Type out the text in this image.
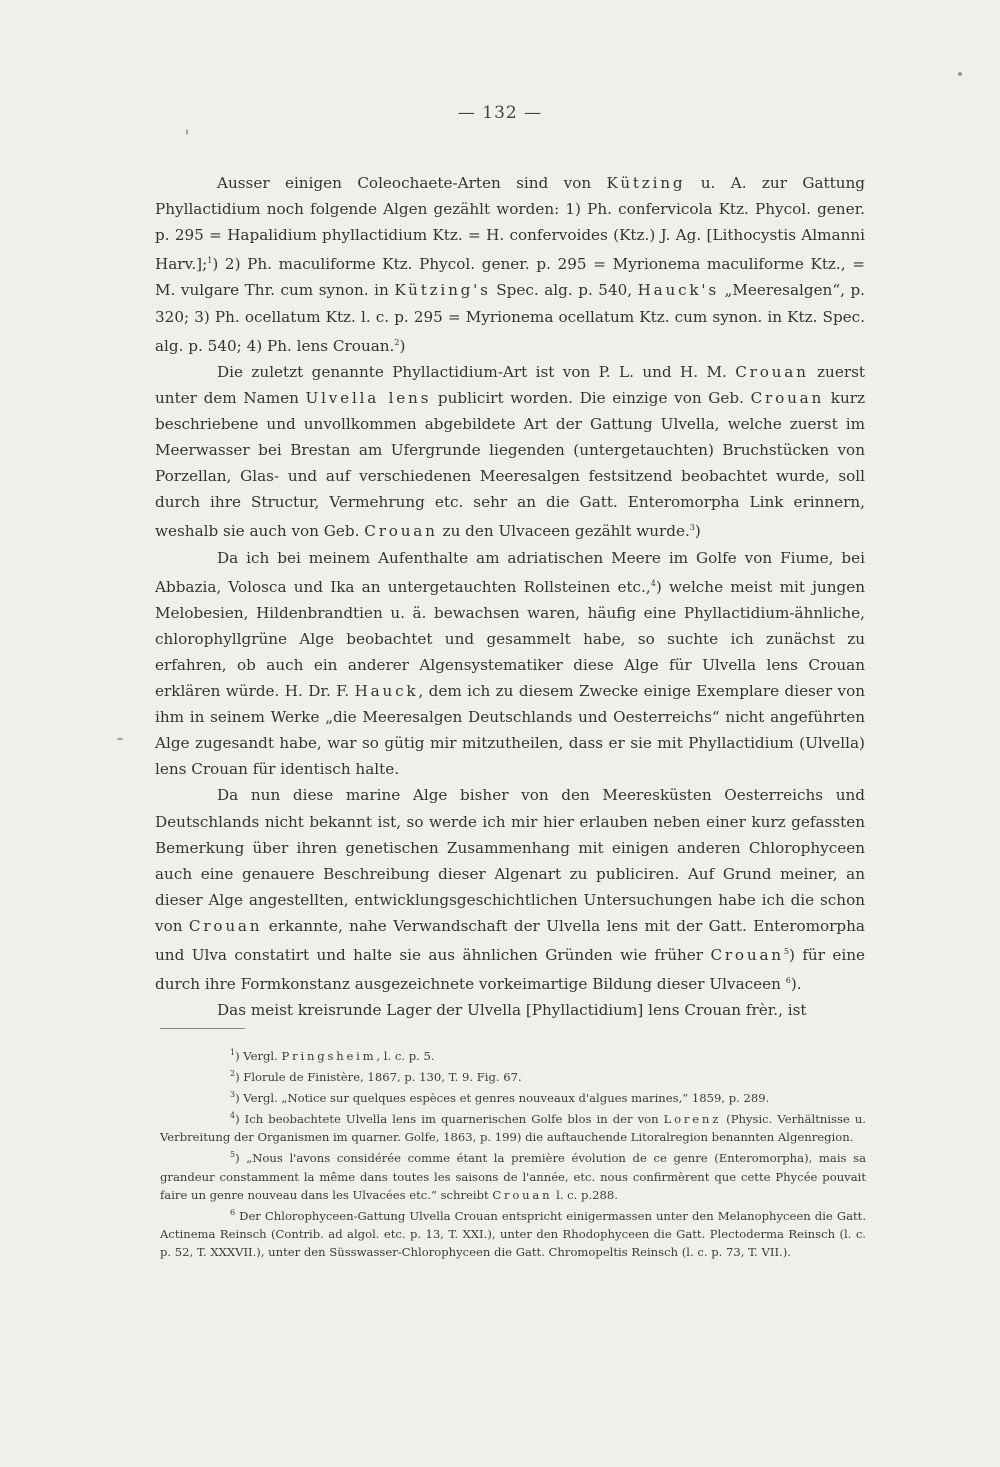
— 132 —

Ausser einigen Coleochaete-Arten sind von Kützing u. A. zur Gattung Phyllactidium noch folgende Algen gezählt worden: 1) Ph. confervicola Ktz. Phycol. gener. p. 295 = Hapalidium phyllactidium Ktz. = H. confervoides (Ktz.) J. Ag. [Lithocystis Almanni Harv.];$^1$) 2) Ph. maculiforme Ktz. Phycol. gener. p. 295 = Myrionema maculiforme Ktz., = M. vulgare Thr. cum synon. in Kützing's Spec. alg. p. 540, Hauck's „Meeresalgen“, p. 320; 3) Ph. ocellatum Ktz. l. c. p. 295 = Myrionema ocellatum Ktz. cum synon. in Ktz. Spec. alg. p. 540; 4) Ph. lens Crouan.$^2$)

Die zuletzt genannte Phyllactidium-Art ist von P. L. und H. M. Crouan zuerst unter dem Namen Ulvella lens publicirt worden. Die einzige von Geb. Crouan kurz beschriebene und unvollkommen abgebildete Art der Gattung Ulvella, welche zuerst im Meerwasser bei Brestan am Ufergrunde liegenden (untergetauchten) Bruchstücken von Porzellan, Glas- und auf verschiedenen Meeresalgen festsitzend beobachtet wurde, soll durch ihre Structur, Vermehrung etc. sehr an die Gatt. Enteromorpha Link erinnern, weshalb sie auch von Geb. Crouan zu den Ulvaceen gezählt wurde.$^3$)

Da ich bei meinem Aufenthalte am adriatischen Meere im Golfe von Fiume, bei Abbazia, Volosca und Ika an untergetauchten Rollsteinen etc.,$^4$) welche meist mit jungen Melobesien, Hildenbrandtien u. ä. bewachsen waren, häufig eine Phyllactidium-ähnliche, chlorophyllgrüne Alge beobachtet und gesammelt habe, so suchte ich zunächst zu erfahren, ob auch ein anderer Algensystematiker diese Alge für Ulvella lens Crouan erklären würde. H. Dr. F. Hauck, dem ich zu diesem Zwecke einige Exemplare dieser von ihm in seinem Werke „die Meeresalgen Deutschlands und Oesterreichs“ nicht angeführten Alge zugesandt habe, war so gütig mir mitzutheilen, dass er sie mit Phyllactidium (Ulvella) lens Crouan für identisch halte.

Da nun diese marine Alge bisher von den Meeresküsten Oesterreichs und Deutschlands nicht bekannt ist, so werde ich mir hier erlauben neben einer kurz gefassten Bemerkung über ihren genetischen Zusammenhang mit einigen anderen Chlorophyceen auch eine genauere Beschreibung dieser Algenart zu publiciren. Auf Grund meiner, an dieser Alge angestellten, entwicklungsgeschichtlichen Untersuchungen habe ich die schon von Crouan erkannte, nahe Verwandschaft der Ulvella lens mit der Gatt. Enteromorpha und Ulva constatirt und halte sie aus ähnlichen Gründen wie früher Crouan$^5$) für eine durch ihre Formkonstanz ausgezeichnete vorkeimartige Bildung dieser Ulvaceen $^6$).

Das meist kreisrunde Lager der Ulvella [Phyllactidium] lens Crouan frèr., ist

$^1$) Vergl. Pringsheim, l. c. p. 5.

$^2$) Florule de Finistère, 1867, p. 130, T. 9. Fig. 67.

$^3$) Vergl. „Notice sur quelques espèces et genres nouveaux d'algues marines,“ 1859, p. 289.

$^4$) Ich beobachtete Ulvella lens im quarnerischen Golfe blos in der von Lorenz (Physic. Verhältnisse u. Verbreitung der Organismen im quarner. Golfe, 1863, p. 199) die auftauchende Litoralregion benannten Algenregion.

$^5$) „Nous l'avons considérée comme étant la première évolution de ce genre (Enteromorpha), mais sa grandeur constamment la même dans toutes les saisons de l'année, etc. nous confirmèrent que cette Phycée pouvait faire un genre nouveau dans les Ulvacées etc.“ schreibt Crouan l. c. p.288.

$^6$ Der Chlorophyceen-Gattung Ulvella Crouan entspricht einigermassen unter den Melanophyceen die Gatt. Actinema Reinsch (Contrib. ad algol. etc. p. 13, T. XXI.), unter den Rhodophyceen die Gatt. Plectoderma Reinsch (l. c. p. 52, T. XXXVII.), unter den Süsswasser-Chlorophyceen die Gatt. Chromopeltis Reinsch (l. c. p. 73, T. VII.).
